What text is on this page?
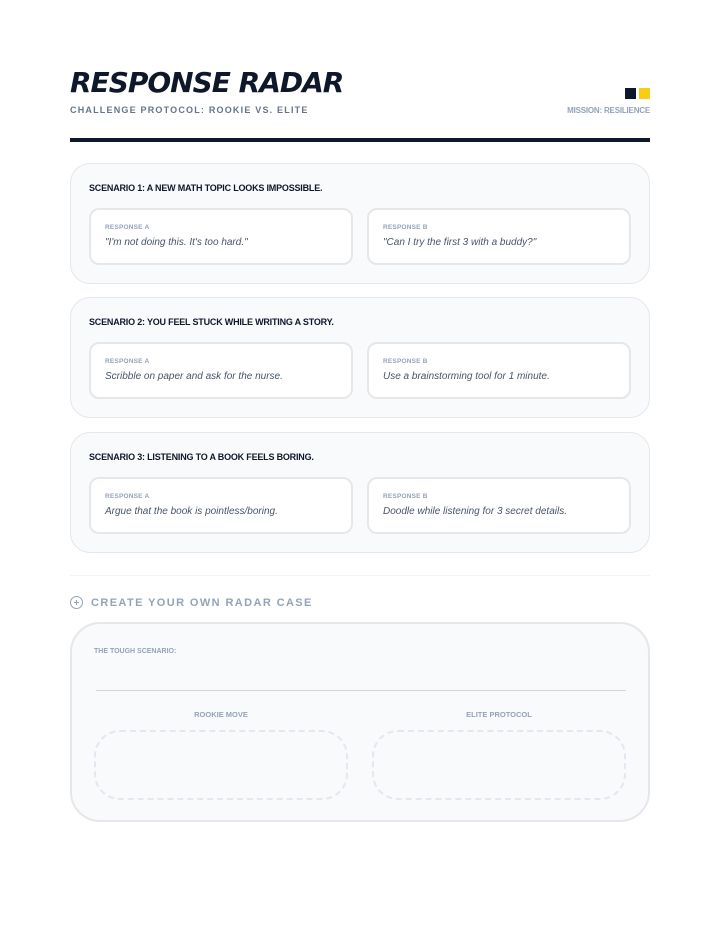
RESPONSE RADAR
CHALLENGE PROTOCOL: ROOKIE VS. ELITE	MISSION: RESILIENCE
SCENARIO 1: A NEW MATH TOPIC LOOKS IMPOSSIBLE.
RESPONSE A
"I'm not doing this. It's too hard."
RESPONSE B
"Can I try the first 3 with a buddy?"
SCENARIO 2: YOU FEEL STUCK WHILE WRITING A STORY.
RESPONSE A
Scribble on paper and ask for the nurse.
RESPONSE B
Use a brainstorming tool for 1 minute.
SCENARIO 3: LISTENING TO A BOOK FEELS BORING.
RESPONSE A
Argue that the book is pointless/boring.
RESPONSE B
Doodle while listening for 3 secret details.
CREATE YOUR OWN RADAR CASE
THE TOUGH SCENARIO:
ROOKIE MOVE	ELITE PROTOCOL
